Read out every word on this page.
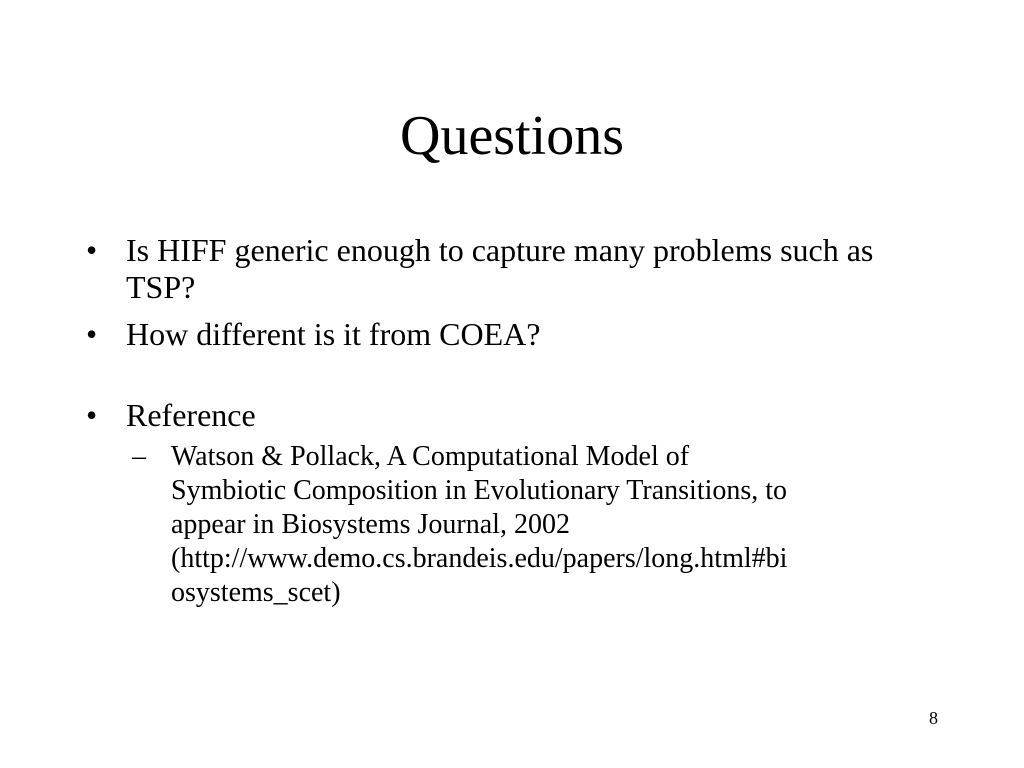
Questions
• Is HIFF generic enough to capture many problems such as TSP?
• How different is it from COEA?
• Reference
– Watson & Pollack, A Computational Model of
Symbiotic Composition in Evolutionary Transitions, to
appear in Biosystems Journal, 2002
(http://www.demo.cs.brandeis.edu/papers/long.html#bi
osystems_scet)
8
